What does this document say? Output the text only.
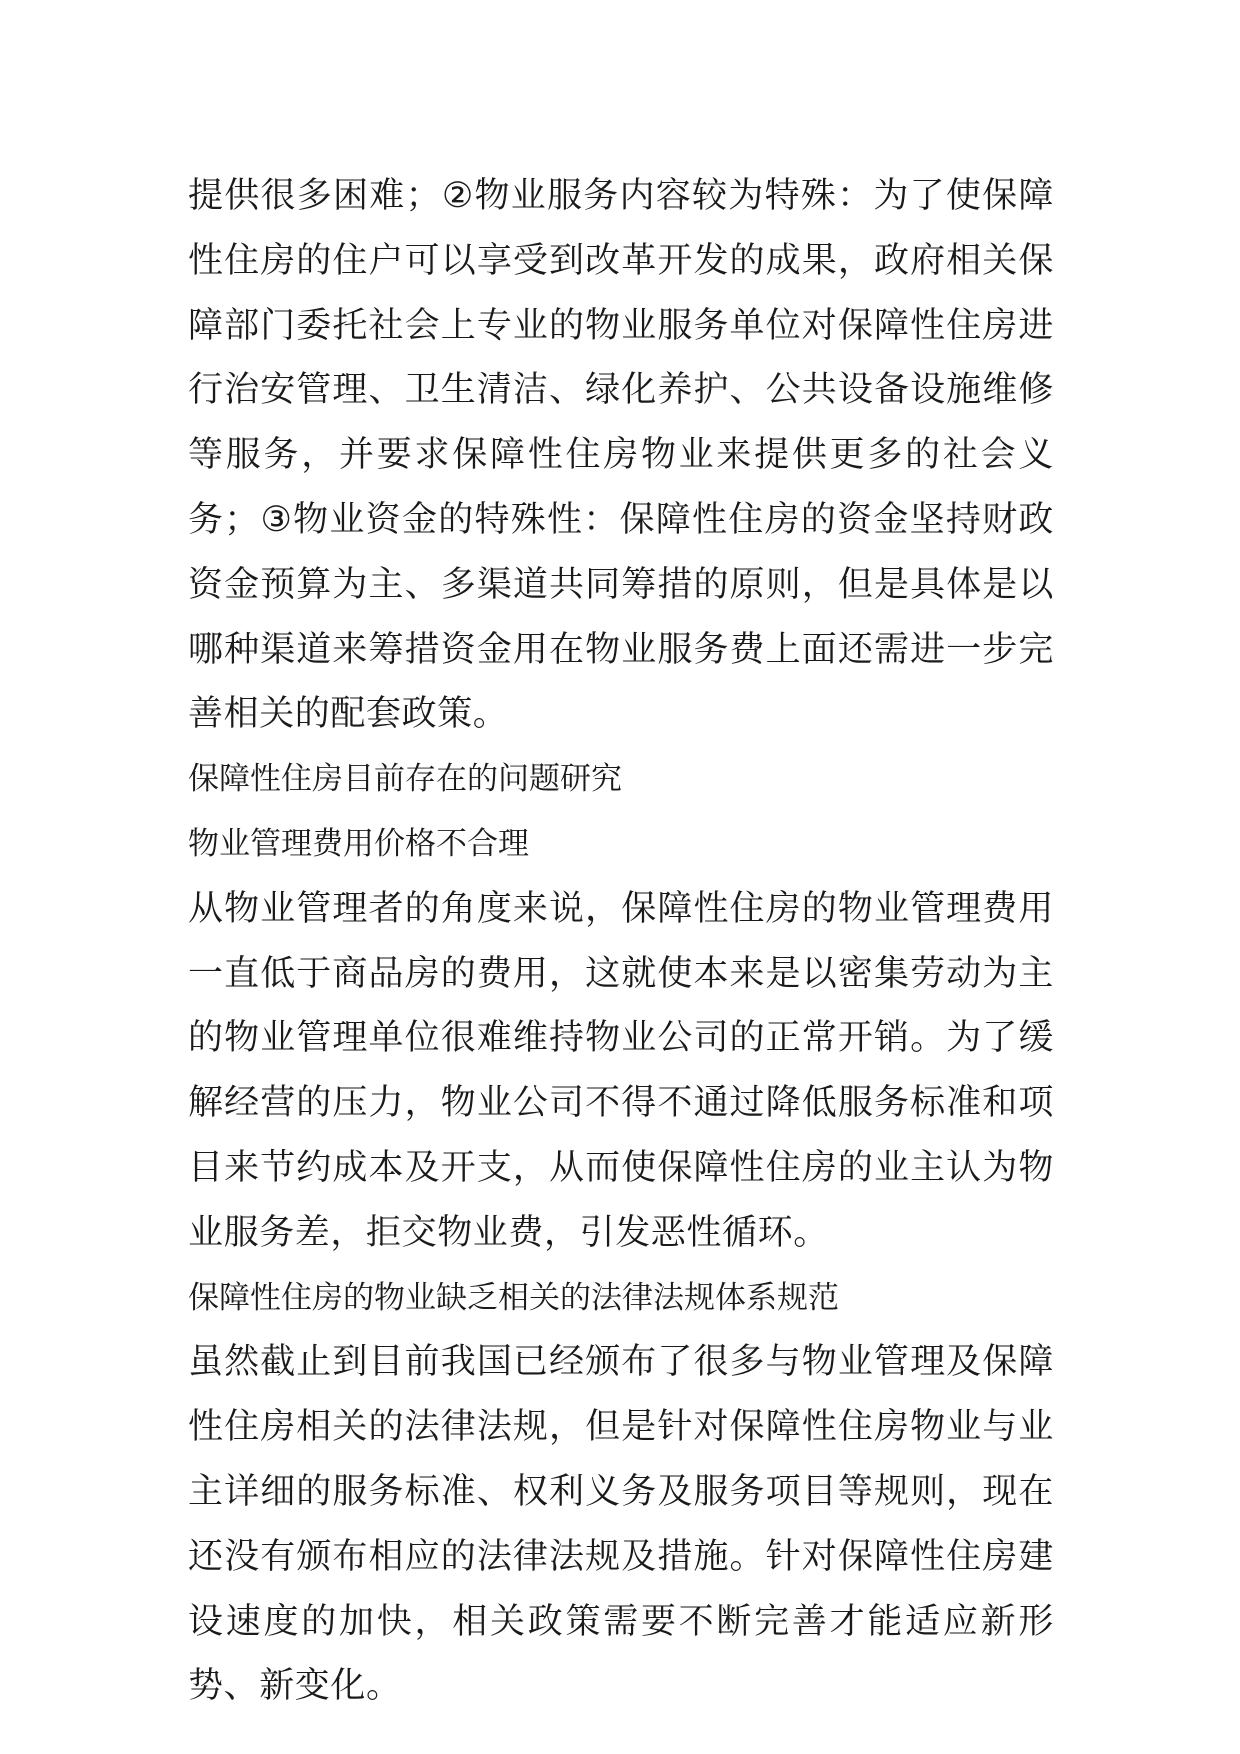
提供很多困难；②物业服务内容较为特殊：为了使保障性住房的住户可以享受到改革开发的成果，政府相关保障部门委托社会上专业的物业服务单位对保障性住房进行治安管理、卫生清洁、绿化养护、公共设备设施维修等服务，并要求保障性住房物业来提供更多的社会义务；③物业资金的特殊性：保障性住房的资金坚持财政资金预算为主、多渠道共同筹措的原则，但是具体是以哪种渠道来筹措资金用在物业服务费上面还需进一步完善相关的配套政策。

保障性住房目前存在的问题研究

物业管理费用价格不合理

从物业管理者的角度来说，保障性住房的物业管理费用一直低于商品房的费用，这就使本来是以密集劳动为主的物业管理单位很难维持物业公司的正常开销。为了缓解经营的压力，物业公司不得不通过降低服务标准和项目来节约成本及开支，从而使保障性住房的业主认为物业服务差，拒交物业费，引发恶性循环。

保障性住房的物业缺乏相关的法律法规体系规范

虽然截止到目前我国已经颁布了很多与物业管理及保障性住房相关的法律法规，但是针对保障性住房物业与业主详细的服务标准、权利义务及服务项目等规则，现在还没有颁布相应的法律法规及措施。针对保障性住房建设速度的加快，相关政策需要不断完善才能适应新形势、新变化。
